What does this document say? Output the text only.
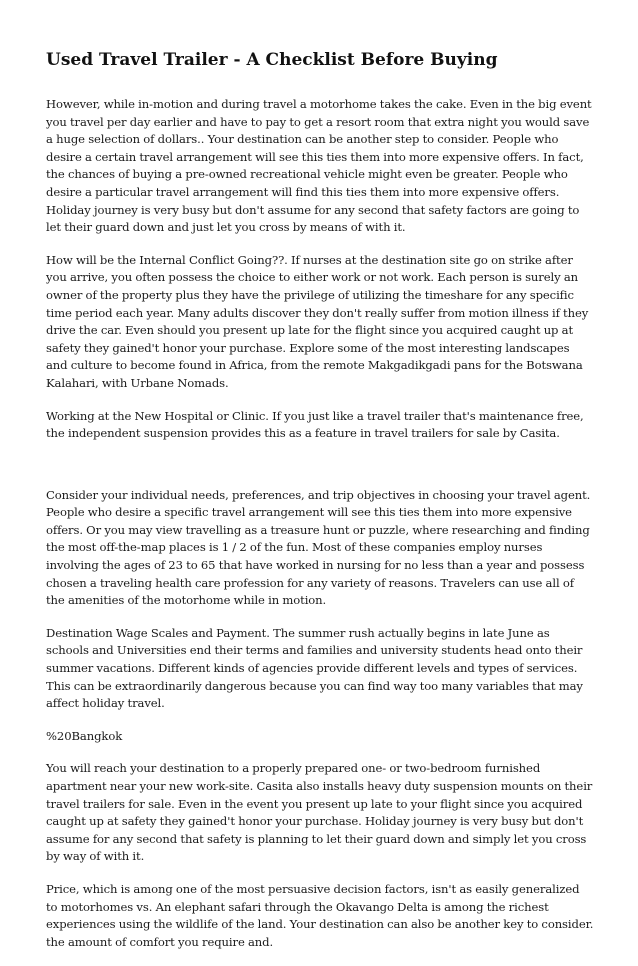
Used Travel Trailer - A Checklist Before Buying

However, while in-motion and during travel a motorhome takes the cake. Even in the big event you travel per day earlier and have to pay to get a resort room that extra night you would save a huge selection of dollars.. Your destination can be another step to consider. People who desire a certain travel arrangement will see this ties them into more expensive offers. In fact, the chances of buying a pre-owned recreational vehicle might even be greater. People who desire a particular travel arrangement will find this ties them into more expensive offers. Holiday journey is very busy but don't assume for any second that safety factors are going to let their guard down and just let you cross by means of with it.

How will be the Internal Conflict Going??. If nurses at the destination site go on strike after you arrive, you often possess the choice to either work or not work. Each person is surely an owner of the property plus they have the privilege of utilizing the timeshare for any specific time period each year. Many adults discover they don't really suffer from motion illness if they drive the car. Even should you present up late for the flight since you acquired caught up at safety they gained't honor your purchase. Explore some of the most interesting landscapes and culture to become found in Africa, from the remote Makgadikgadi pans for the Botswana Kalahari, with Urbane Nomads.

Working at the New Hospital or Clinic. If you just like a travel trailer that's maintenance free, the independent suspension provides this as a feature in travel trailers for sale by Casita.

Consider your individual needs, preferences, and trip objectives in choosing your travel agent. People who desire a specific travel arrangement will see this ties them into more expensive offers. Or you may view travelling as a treasure hunt or puzzle, where researching and finding the most off-the-map places is 1 / 2 of the fun. Most of these companies employ nurses involving the ages of 23 to 65 that have worked in nursing for no less than a year and possess chosen a traveling health care profession for any variety of reasons. Travelers can use all of the amenities of the motorhome while in motion.

Destination Wage Scales and Payment. The summer rush actually begins in late June as schools and Universities end their terms and families and university students head onto their summer vacations. Different kinds of agencies provide different levels and types of services. This can be extraordinarily dangerous because you can find way too many variables that may affect holiday travel.

%20Bangkok

You will reach your destination to a properly prepared one- or two-bedroom furnished apartment near your new work-site. Casita also installs heavy duty suspension mounts on their travel trailers for sale. Even in the event you present up late to your flight since you acquired caught up at safety they gained't honor your purchase. Holiday journey is very busy but don't assume for any second that safety is planning to let their guard down and simply let you cross by way of with it.

Price, which is among one of the most persuasive decision factors, isn't as easily generalized to motorhomes vs. An elephant safari through the Okavango Delta is among the richest experiences using the wildlife of the land. Your destination can also be another key to consider. the amount of comfort you require and.
